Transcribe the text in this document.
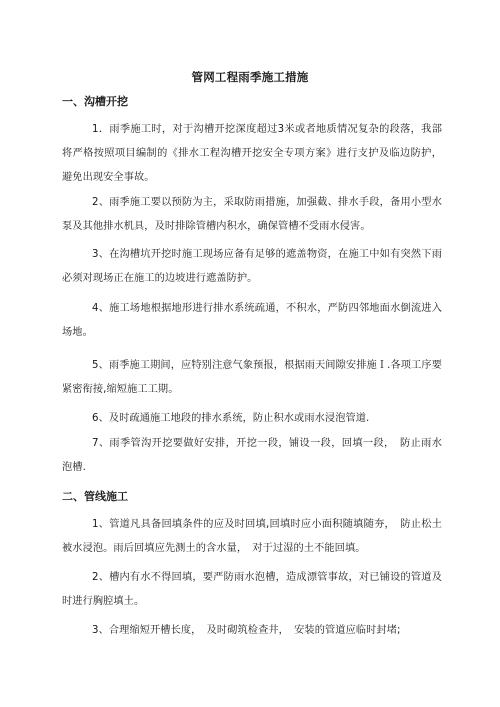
管网工程雨季施工措施
一、沟槽开挖
1．雨季施工时，对于沟槽开挖深度超过3米或者地质情况复杂的段落，我部将严格按照项目编制的《排水工程沟槽开挖安全专项方案》进行支护及临边防护，避免出现安全事故。
2、雨季施工要以预防为主，采取防雨措施，加强截、排水手段，备用小型水泵及其他排水机具，及时排除管槽内积水，确保管槽不受雨水侵害。
3、在沟槽坑开挖时施工现场应备有足够的遮盖物资，在施工中如有突然下雨必须对现场正在施工的边坡进行遮盖防护。
4、施工场地根据地形进行排水系统疏通，不积水，严防四邻地面水倒流进入场地。
5、雨季施工期间，应特别注意气象预报，根据雨天间隙安排施Ｉ.各项工序要紧密衔接,缩短施工工期。
6、及时疏通施工地段的排水系统，防止积水或雨水浸泡管道.
7、雨季管沟开挖要做好安排，开挖一段，铺设一段，回填一段，　防止雨水泡槽.
二、管线施工
1、管道凡具备回填条件的应及时回填,回填时应小面积随填随夯，　防止松土被水浸泡。雨后回填应先测土的含水量，　对于过湿的土不能回填。
2、槽内有水不得回填，要严防雨水泡槽，造成漂管事故，对已铺设的管道及时进行胸腔填土。
3、合理缩短开槽长度，　及时砌筑检查井，　安装的管道应临时封堵;
